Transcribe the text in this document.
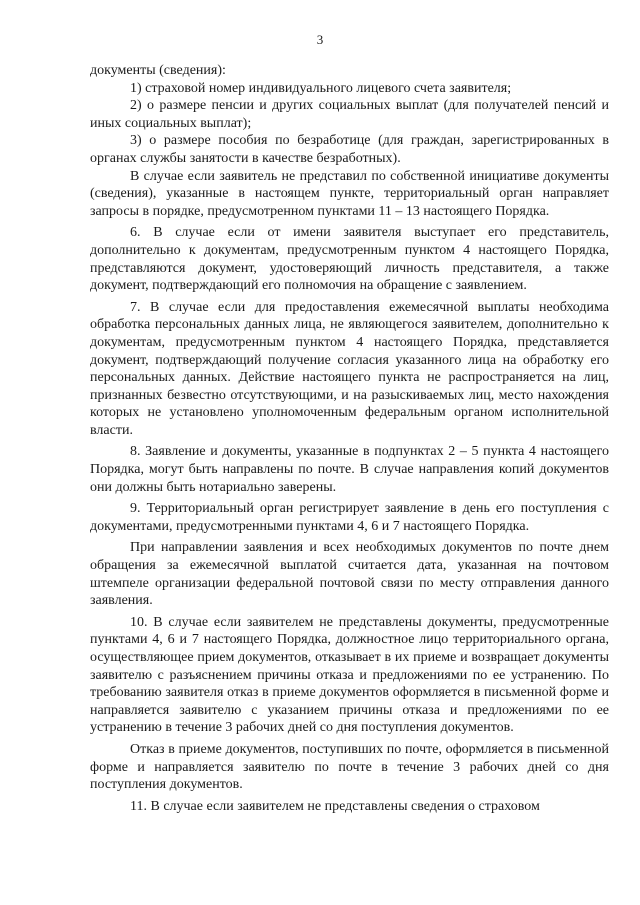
3

документы (сведения):

1) страховой номер индивидуального лицевого счета заявителя;

2) о размере пенсии и других социальных выплат (для получателей пенсий и иных социальных выплат);

3) о размере пособия по безработице (для граждан, зарегистрированных в органах службы занятости в качестве безработных).

В случае если заявитель не представил по собственной инициативе документы (сведения), указанные в настоящем пункте, территориальный орган направляет запросы в порядке, предусмотренном пунктами 11 – 13 настоящего Порядка.

6. В случае если от имени заявителя выступает его представитель, дополнительно к документам, предусмотренным пунктом 4 настоящего Порядка, представляются документ, удостоверяющий личность представителя, а также документ, подтверждающий его полномочия на обращение с заявлением.

7. В случае если для предоставления ежемесячной выплаты необходима обработка персональных данных лица, не являющегося заявителем, дополнительно к документам, предусмотренным пунктом 4 настоящего Порядка, представляется документ, подтверждающий получение согласия указанного лица на обработку его персональных данных. Действие настоящего пункта не распространяется на лиц, признанных безвестно отсутствующими, и на разыскиваемых лиц, место нахождения которых не установлено уполномоченным федеральным органом исполнительной власти.

8. Заявление и документы, указанные в подпунктах 2 – 5 пункта 4 настоящего Порядка, могут быть направлены по почте. В случае направления копий документов они должны быть нотариально заверены.

9. Территориальный орган регистрирует заявление в день его поступления с документами, предусмотренными пунктами 4, 6 и 7 настоящего Порядка.

При направлении заявления и всех необходимых документов по почте днем обращения за ежемесячной выплатой считается дата, указанная на почтовом штемпеле организации федеральной почтовой связи по месту отправления данного заявления.

10. В случае если заявителем не представлены документы, предусмотренные пунктами 4, 6 и 7 настоящего Порядка, должностное лицо территориального органа, осуществляющее прием документов, отказывает в их приеме и возвращает документы заявителю с разъяснением причины отказа и предложениями по ее устранению. По требованию заявителя отказ в приеме документов оформляется в письменной форме и направляется заявителю с указанием причины отказа и предложениями по ее устранению в течение 3 рабочих дней со дня поступления документов.

Отказ в приеме документов, поступивших по почте, оформляется в письменной форме и направляется заявителю по почте в течение 3 рабочих дней со дня поступления документов.

11. В случае если заявителем не представлены сведения о страховом
